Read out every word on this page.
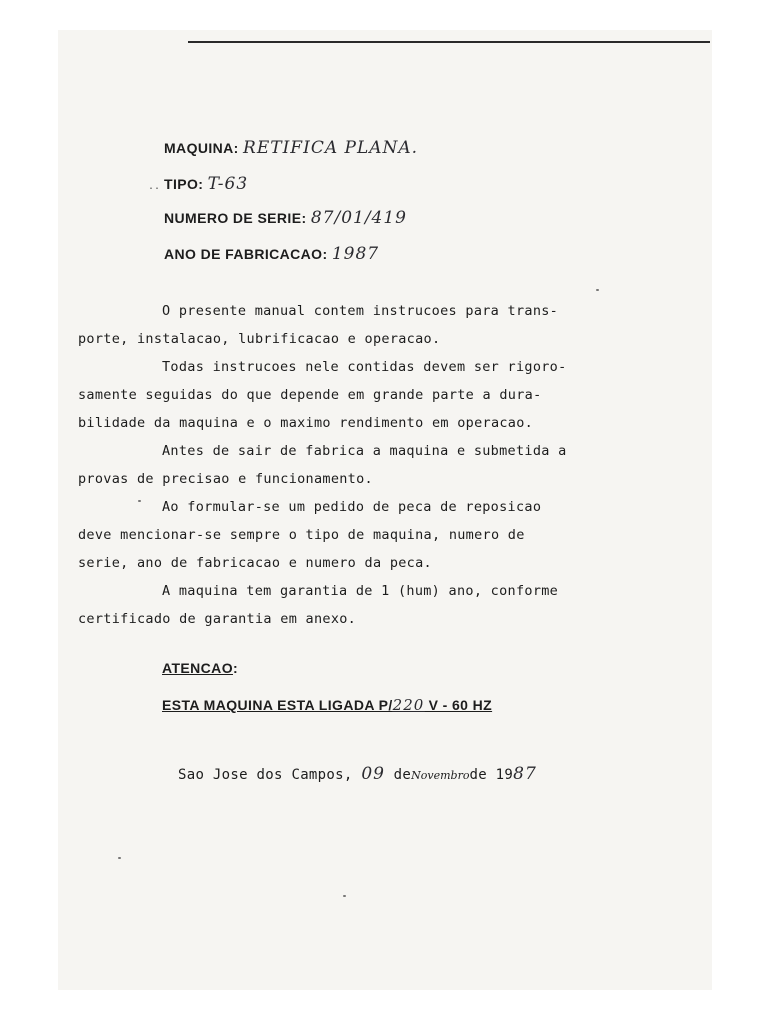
MAQUINA: RETIFICA PLANA.
.. TIPO: T-63
NUMERO DE SERIE: 87/01/419
ANO DE FABRICACAO: 1987
O presente manual contem instrucoes para trans-
porte, instalacao, lubrificacao e operacao.
Todas instrucoes nele contidas devem ser rigoro-
samente seguidas do que depende em grande parte a dura-
bilidade da maquina e o maximo rendimento em operacao.
Antes de sair de fabrica a maquina e submetida a
provas de precisao e funcionamento.
Ao formular-se um pedido de peca de reposicao
deve mencionar-se sempre o tipo de maquina, numero de
serie, ano de fabricacao e numero da peca.
A maquina tem garantia de 1 (hum) ano, conforme
certificado de garantia em anexo.
ATENCAO:
ESTA MAQUINA ESTA LIGADA P/220 V - 60 HZ
Sao Jose dos Campos, 09 deNovembrode 1987
